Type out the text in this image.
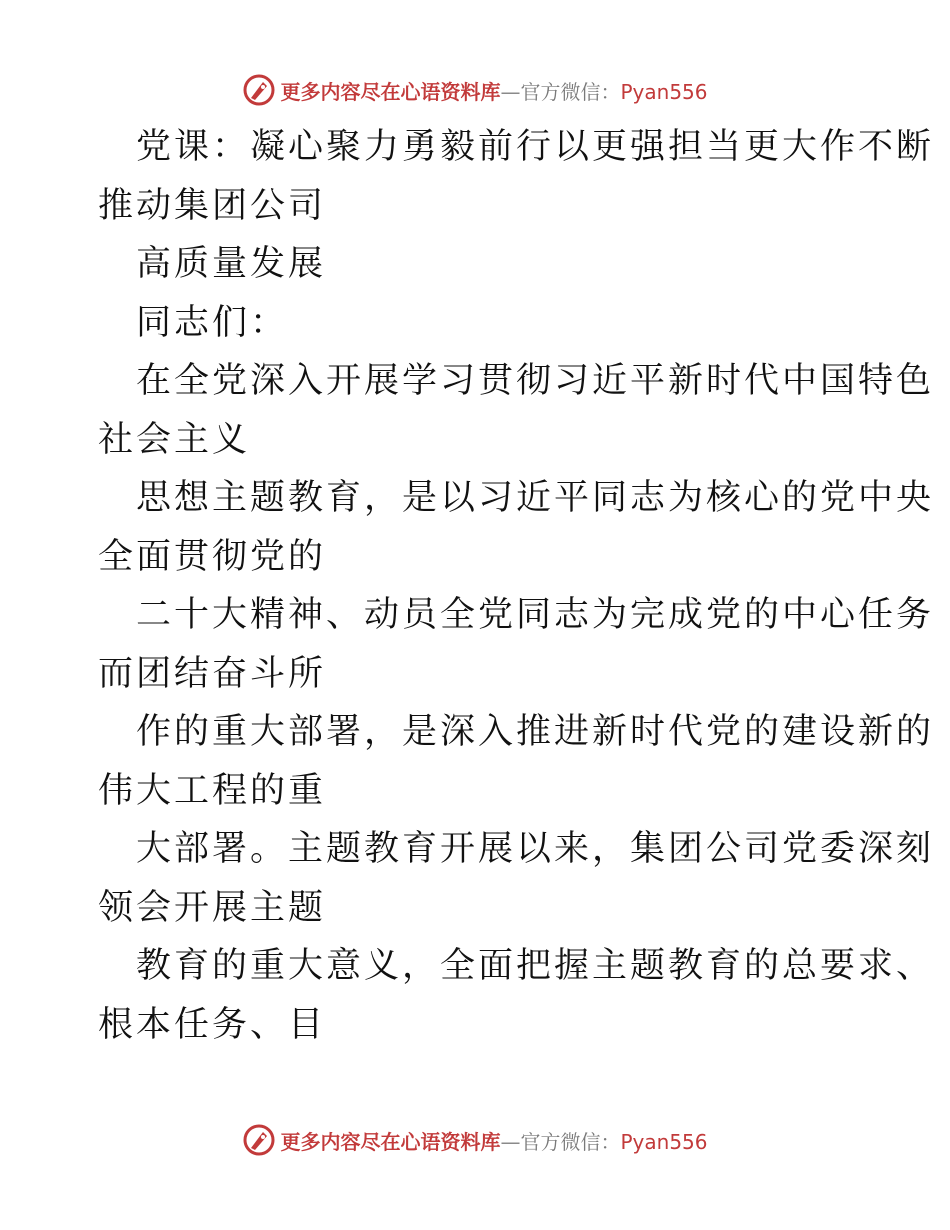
更多内容尽在心语资料库—官方微信：Pyan556
党课：凝心聚力勇毅前行以更强担当更大作不断
推动集团公司
高质量发展
同志们：
在全党深入开展学习贯彻习近平新时代中国特色
社会主义
思想主题教育，是以习近平同志为核心的党中央
全面贯彻党的
二十大精神、动员全党同志为完成党的中心任务
而团结奋斗所
作的重大部署，是深入推进新时代党的建设新的
伟大工程的重
大部署。主题教育开展以来，集团公司党委深刻
领会开展主题
教育的重大意义，全面把握主题教育的总要求、
根本任务、目
更多内容尽在心语资料库—官方微信：Pyan556
